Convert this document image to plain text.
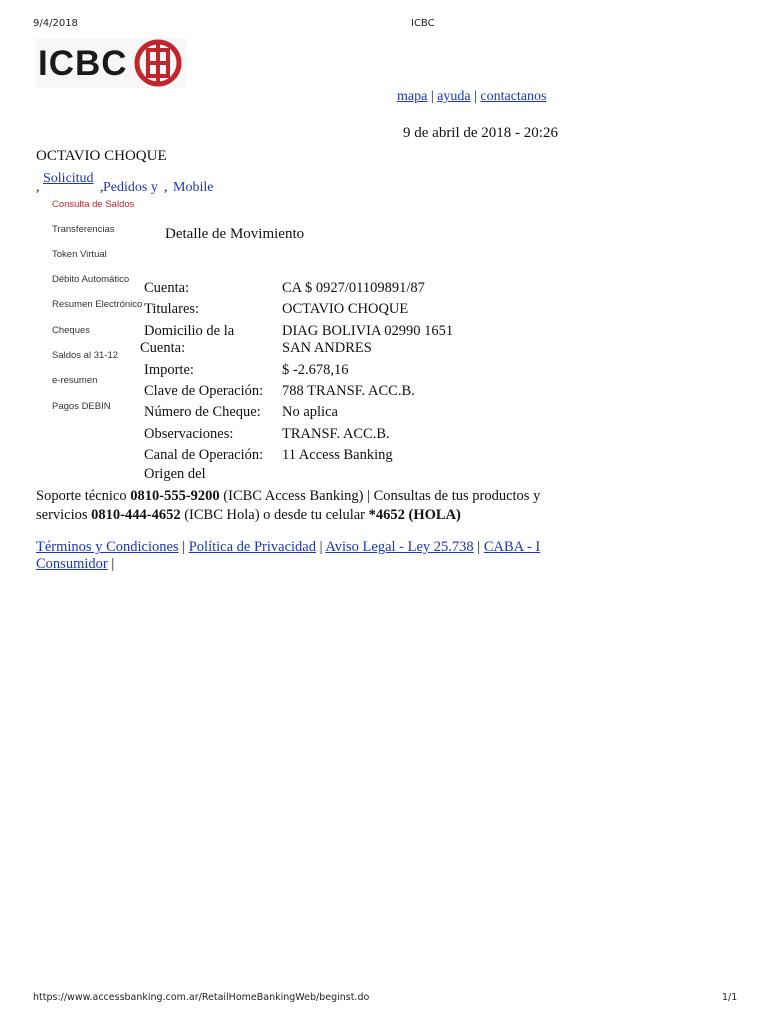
9/4/2018	ICBC
ICBC
mapa | ayuda | contactanos
9 de abril de 2018 - 20:26
OCTAVIO CHOQUE
,
Solicitud
, Pedidos y , Mobile
Consulta de Saldos
Transferencias
Token Virtual
Débito Automático
Resumen Electrónico
Cheques
Saldos al 31-12
e-resumen
Pagos DEBIN
Detalle de Movimiento
Cuenta:	CA $ 0927/01109891/87
Titulares:	OCTAVIO CHOQUE
Domicilio de la Cuenta:
DIAG BOLIVIA 02990 1651 SAN ANDRES
Importe:	$ -2.678,16
Clave de Operación:	788 TRANSF. ACC.B.
Número de Cheque:	No aplica
Observaciones:	TRANSF. ACC.B.
Canal de Operación:	11 Access Banking
Origen del
Soporte técnico 0810-555-9200 (ICBC Access Banking) | Consultas de tus productos y servicios 0810-444-4652 (ICBC Hola) o desde tu celular *4652 (HOLA)
Términos y Condiciones | Política de Privacidad | Aviso Legal - Ley 25.738 | CABA - I
Consumidor |
https://www.accessbanking.com.ar/RetailHomeBankingWeb/beginst.do	1/1
